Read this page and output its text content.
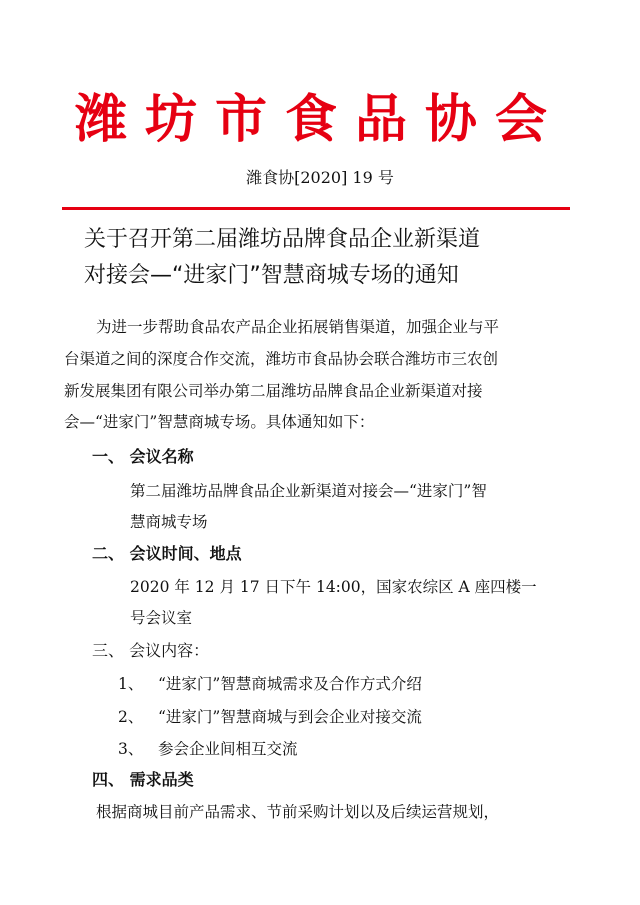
潍坊市食品协会
潍食协[2020] 19 号
关于召开第二届潍坊品牌食品企业新渠道
对接会—“进家门”智慧商城专场的通知
为进一步帮助食品农产品企业拓展销售渠道，加强企业与平
台渠道之间的深度合作交流，潍坊市食品协会联合潍坊市三农创
新发展集团有限公司举办第二届潍坊品牌食品企业新渠道对接
会—“进家门”智慧商城专场。具体通知如下：
一、 会议名称
第二届潍坊品牌食品企业新渠道对接会—“进家门”智
慧商城专场
二、 会议时间、地点
2020 年 12 月 17 日下午 14:00，国家农综区 A 座四楼一
号会议室
三、 会议内容：
1、 “进家门”智慧商城需求及合作方式介绍
2、 “进家门”智慧商城与到会企业对接交流
3、 参会企业间相互交流
四、 需求品类
根据商城目前产品需求、节前采购计划以及后续运营规划，
